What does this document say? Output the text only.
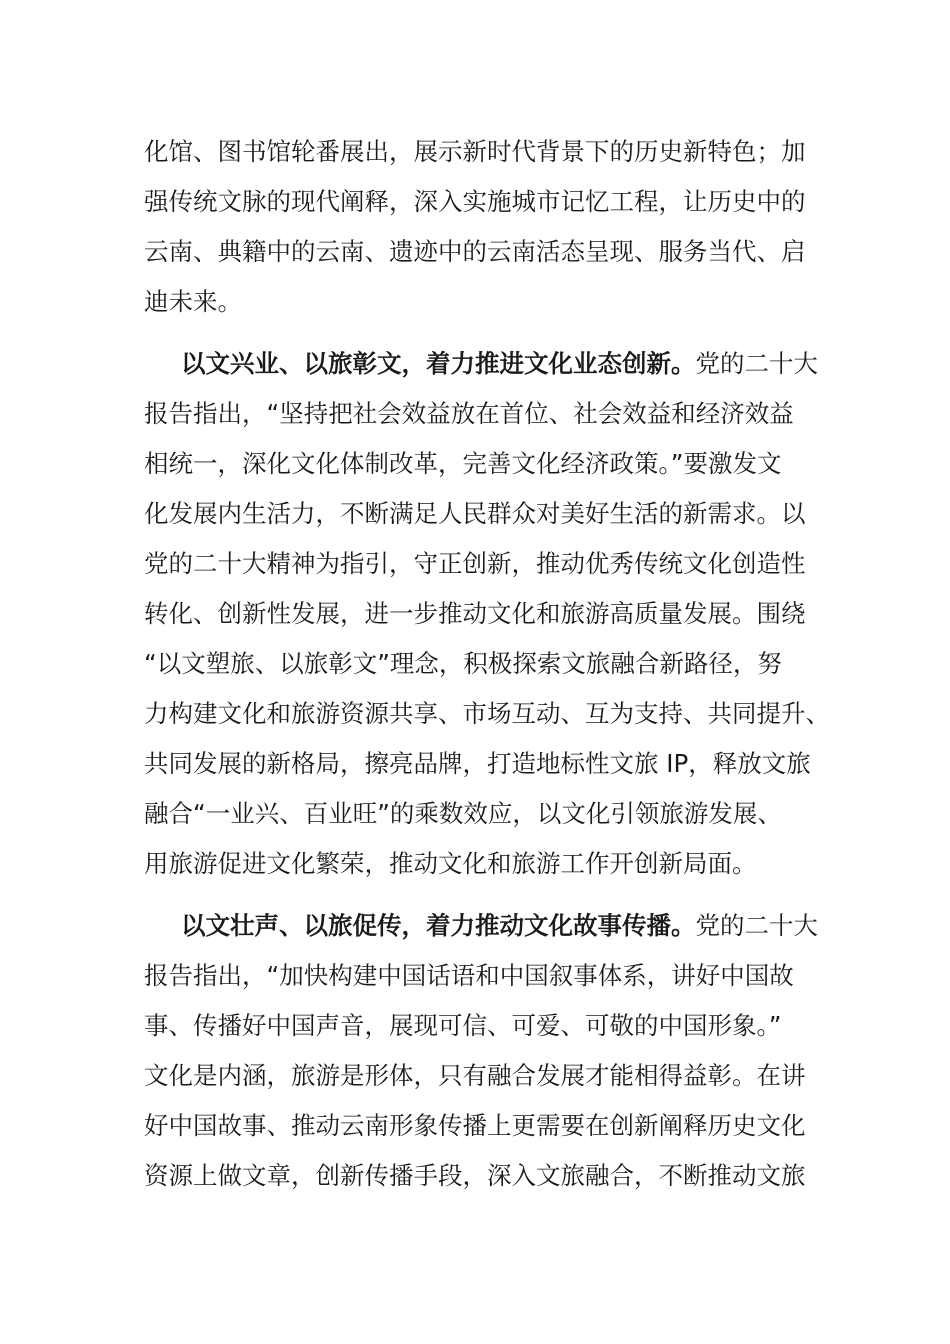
化馆、图书馆轮番展出，展示新时代背景下的历史新特色；加
强传统文脉的现代阐释，深入实施城市记忆工程，让历史中的
云南、典籍中的云南、遗迹中的云南活态呈现、服务当代、启
迪未来。
以文兴业、以旅彰文，着力推进文化业态创新。党的二十大
报告指出，“坚持把社会效益放在首位、社会效益和经济效益
相统一，深化文化体制改革，完善文化经济政策。”要激发文
化发展内生活力，不断满足人民群众对美好生活的新需求。以
党的二十大精神为指引，守正创新，推动优秀传统文化创造性
转化、创新性发展，进一步推动文化和旅游高质量发展。围绕
“以文塑旅、以旅彰文”理念，积极探索文旅融合新路径，努
力构建文化和旅游资源共享、市场互动、互为支持、共同提升、
共同发展的新格局，擦亮品牌，打造地标性文旅 IP，释放文旅
融合“一业兴、百业旺”的乘数效应，以文化引领旅游发展、
用旅游促进文化繁荣，推动文化和旅游工作开创新局面。
以文壮声、以旅促传，着力推动文化故事传播。党的二十大
报告指出，“加快构建中国话语和中国叙事体系，讲好中国故
事、传播好中国声音，展现可信、可爱、可敬的中国形象。”
文化是内涵，旅游是形体，只有融合发展才能相得益彰。在讲
好中国故事、推动云南形象传播上更需要在创新阐释历史文化
资源上做文章，创新传播手段，深入文旅融合，不断推动文旅
